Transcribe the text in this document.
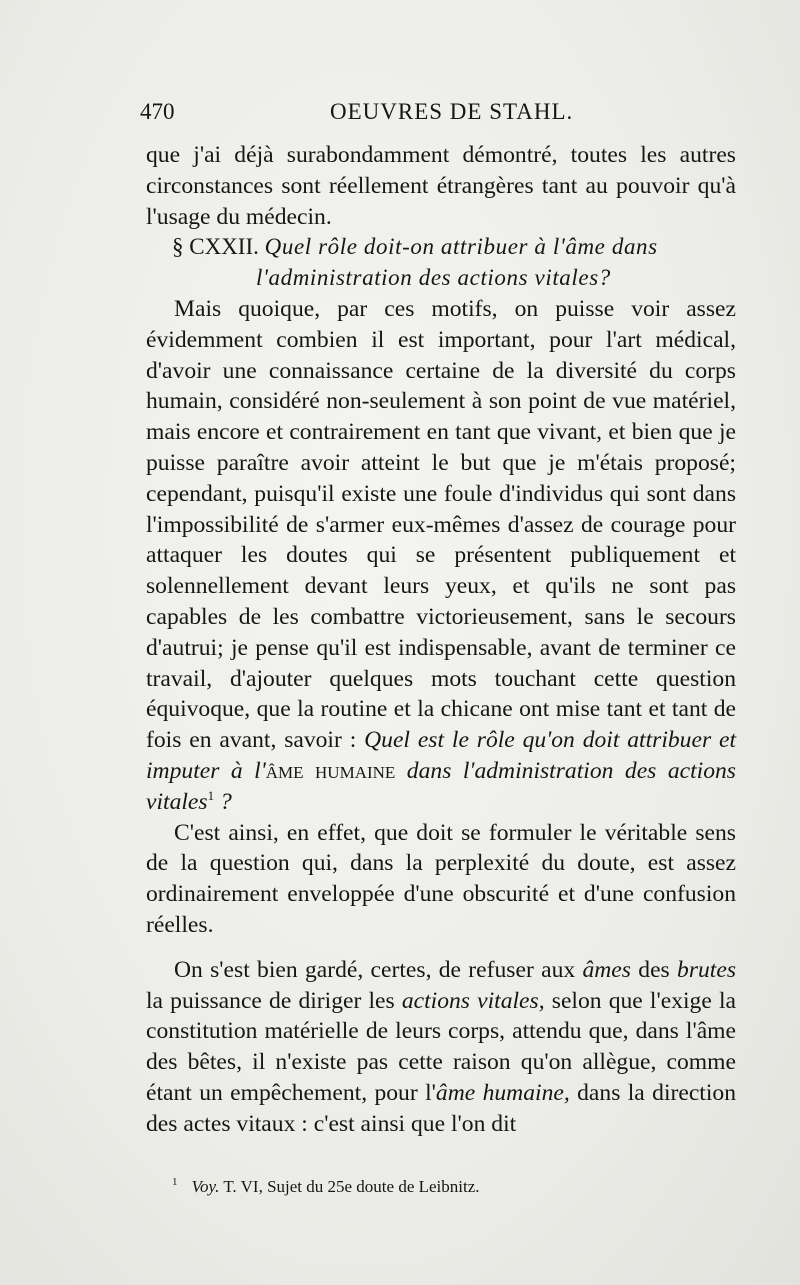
470	OEUVRES DE STAHL.

que j'ai déjà surabondamment démontré, toutes les autres circonstances sont réellement étrangères tant au pouvoir qu'à l'usage du médecin.

§ CXXII. Quel rôle doit-on attribuer à l'âme dans l'administration des actions vitales?

Mais quoique, par ces motifs, on puisse voir assez évidemment combien il est important, pour l'art médical, d'avoir une connaissance certaine de la diversité du corps humain, considéré non-seulement à son point de vue matériel, mais encore et contrairement en tant que vivant, et bien que je puisse paraître avoir atteint le but que je m'étais proposé; cependant, puisqu'il existe une foule d'individus qui sont dans l'impossibilité de s'armer eux-mêmes d'assez de courage pour attaquer les doutes qui se présentent publiquement et solennellement devant leurs yeux, et qu'ils ne sont pas capables de les combattre victorieusement, sans le secours d'autrui; je pense qu'il est indispensable, avant de terminer ce travail, d'ajouter quelques mots touchant cette question équivoque, que la routine et la chicane ont mise tant et tant de fois en avant, savoir : Quel est le rôle qu'on doit attribuer et imputer à l'âme humaine dans l'administration des actions vitales$^1$ ?

C'est ainsi, en effet, que doit se formuler le véritable sens de la question qui, dans la perplexité du doute, est assez ordinairement enveloppée d'une obscurité et d'une confusion réelles.

On s'est bien gardé, certes, de refuser aux âmes des brutes la puissance de diriger les actions vitales, selon que l'exige la constitution matérielle de leurs corps, attendu que, dans l'âme des bêtes, il n'existe pas cette raison qu'on allègue, comme étant un empêchement, pour l'âme humaine, dans la direction des actes vitaux : c'est ainsi que l'on dit

$^1$ Voy. T. VI, Sujet du 25e doute de Leibnitz.
